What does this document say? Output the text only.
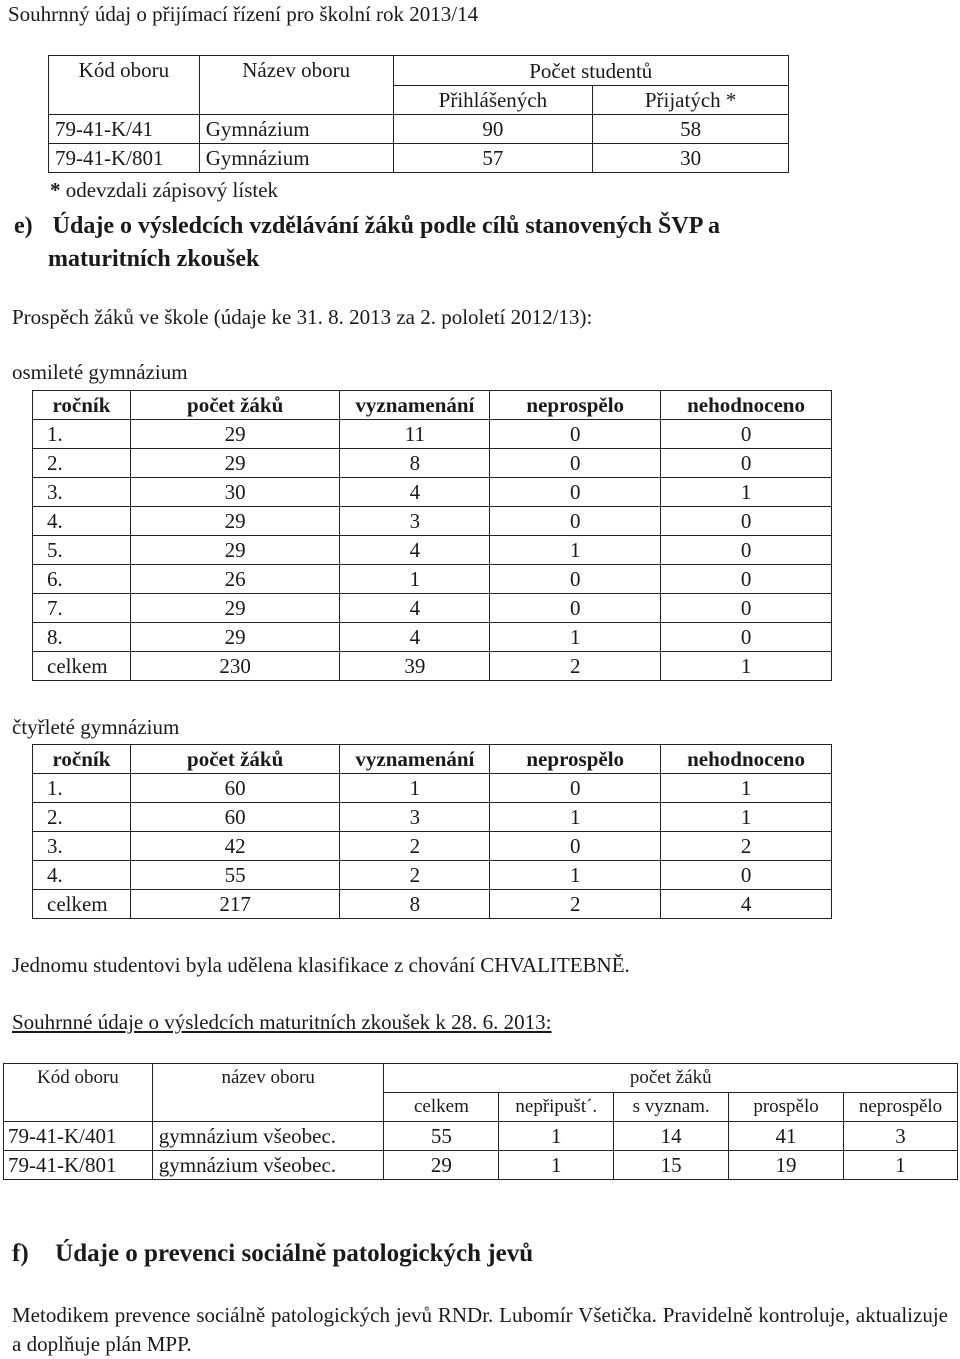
Souhrnný údaj o přijímací řízení pro školní rok 2013/14
Kód oboru	Název oboru	Počet studentů	
		Přihlášených	Přijatých *
79-41-K/41	Gymnázium	90	58
79-41-K/801	Gymnázium	57	30
* odevzdali zápisový lístek
e) Údaje o výsledcích vzdělávání žáků podle cílů stanovených ŠVP a
maturitních zkoušek
Prospěch žáků ve škole (údaje ke 31. 8. 2013 za 2. pololetí 2012/13):
osmileté gymnázium
ročník	počet žáků	vyznamenání	neprospělo	nehodnoceno
1.	29	11	0	0
2.	29	8	0	0
3.	30	4	0	1
4.	29	3	0	0
5.	29	4	1	0
6.	26	1	0	0
7.	29	4	0	0
8.	29	4	1	0
celkem	230	39	2	1
čtyřleté gymnázium
ročník	počet žáků	vyznamenání	neprospělo	nehodnoceno
1.	60	1	0	1
2.	60	3	1	1
3.	42	2	0	2
4.	55	2	1	0
celkem	217	8	2	4
Jednomu studentovi byla udělena klasifikace z chování CHVALITEBNĚ.
Souhrnné údaje o výsledcích maturitních zkoušek k 28. 6. 2013:
Kód oboru	název oboru	počet žáků				
		celkem	nepřipušt´.	s vyznam.	prospělo	neprospělo
79-41-K/401	gymnázium všeobec.	55	1	14	41	3
79-41-K/801	gymnázium všeobec.	29	1	15	19	1
f) Údaje o prevenci sociálně patologických jevů
Metodikem prevence sociálně patologických jevů RNDr. Lubomír Všetička. Pravidelně kontroluje, aktualizuje a doplňuje plán MPP.
